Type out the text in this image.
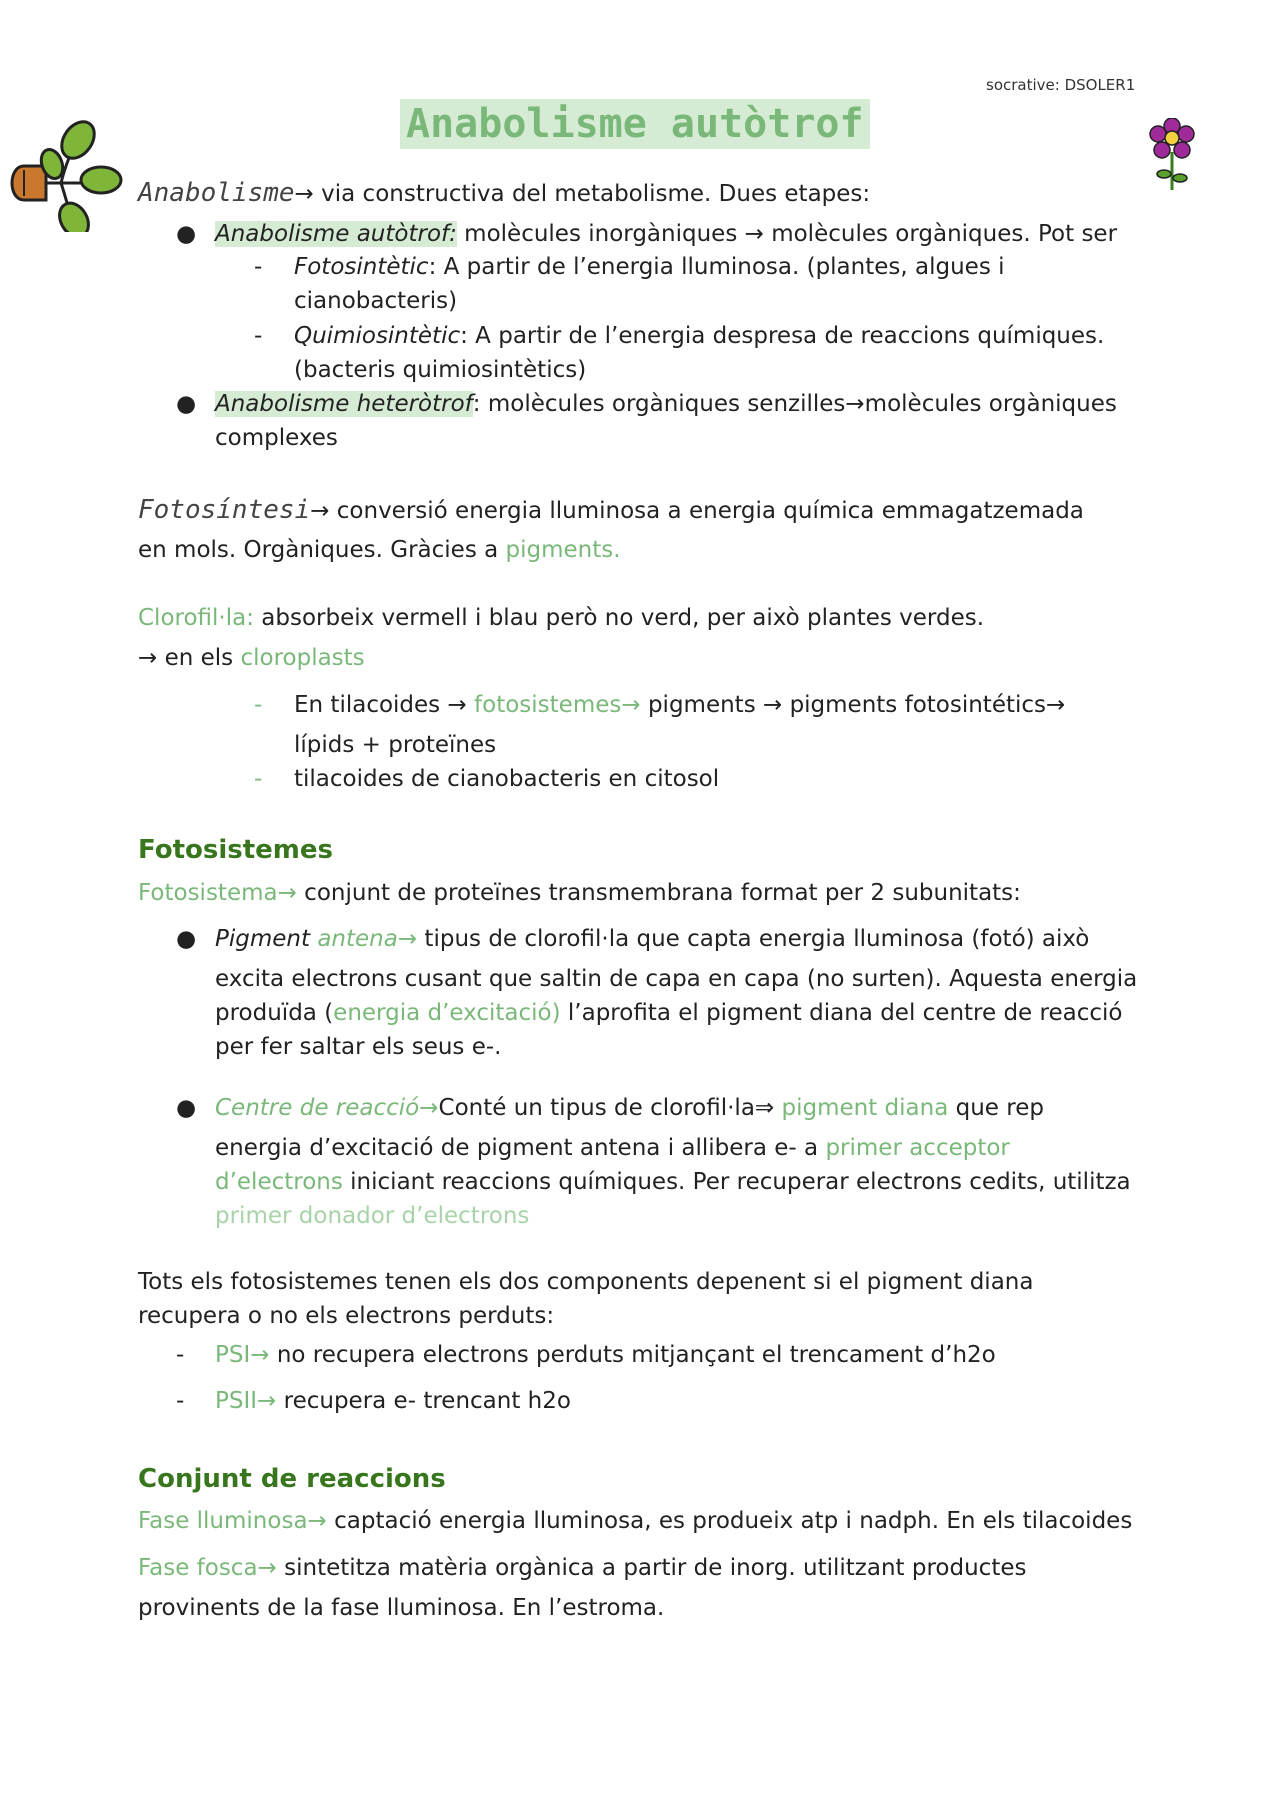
socrative: DSOLER1
Anabolisme autòtrof
Anabolisme→ via constructiva del metabolisme. Dues etapes:
● Anabolisme autòtrof: molècules inorgàniques → molècules orgàniques. Pot ser
- Fotosintètic: A partir de l’energia lluminosa. (plantes, algues i
cianobacteris)
- Quimiosintètic: A partir de l’energia despresa de reaccions químiques.
(bacteris quimiosintètics)
● Anabolisme heteròtrof: molècules orgàniques senzilles→molècules orgàniques
complexes
Fotosíntesi→ conversió energia lluminosa a energia química emmagatzemada
en mols. Orgàniques. Gràcies a pigments.
Clorofil·la: absorbeix vermell i blau però no verd, per això plantes verdes.
→ en els cloroplasts
- En tilacoides → fotosistemes→ pigments → pigments fotosintétics→
lípids + proteïnes
- tilacoides de cianobacteris en citosol
Fotosistemes
Fotosistema→ conjunt de proteïnes transmembrana format per 2 subunitats:
● Pigment antena→ tipus de clorofil·la que capta energia lluminosa (fotó) això
excita electrons cusant que saltin de capa en capa (no surten). Aquesta energia
produïda (energia d’excitació) l’aprofita el pigment diana del centre de reacció
per fer saltar els seus e-.
● Centre de reacció→Conté un tipus de clorofil·la⇒ pigment diana que rep
energia d’excitació de pigment antena i allibera e- a primer acceptor
d’electrons iniciant reaccions químiques. Per recuperar electrons cedits, utilitza
primer donador d’electrons
Tots els fotosistemes tenen els dos components depenent si el pigment diana
recupera o no els electrons perduts:
- PSI→ no recupera electrons perduts mitjançant el trencament d’h2o
- PSII→ recupera e- trencant h2o
Conjunt de reaccions
Fase lluminosa→ captació energia lluminosa, es produeix atp i nadph. En els tilacoides
Fase fosca→ sintetitza matèria orgànica a partir de inorg. utilitzant productes
provinents de la fase lluminosa. En l’estroma.
